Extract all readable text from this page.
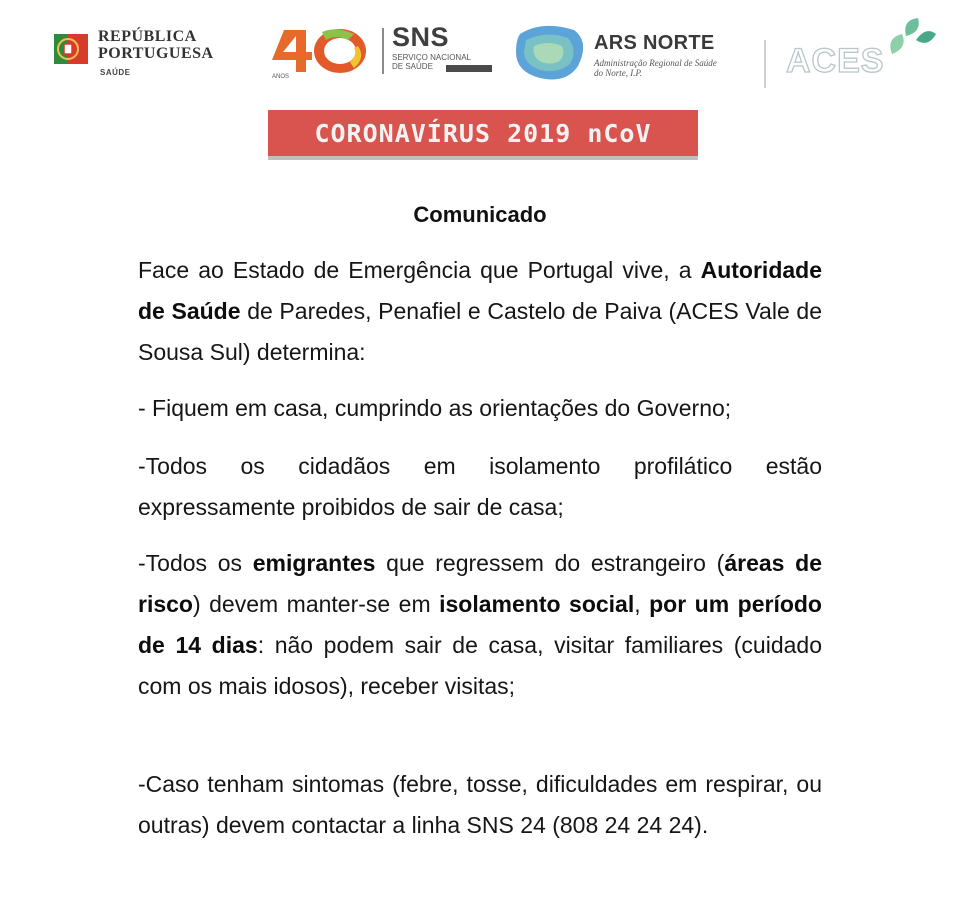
REPÚBLICA
PORTUGUESA
SAÚDE	ANOS
SNS
SERVIÇO NACIONAL DE SAÚDE
ARS NORTE
Administração Regional de Saúde do Norte, I.P.	ACES
CORONAVÍRUS 2019 nCoV
Comunicado

Face ao Estado de Emergência que Portugal vive, a Autoridade de Saúde de Paredes, Penafiel e Castelo de Paiva (ACES Vale de Sousa Sul) determina:

- Fiquem em casa, cumprindo as orientações do Governo;

-Todos os cidadãos em isolamento profilático estão expressamente proibidos de sair de casa;

-Todos os emigrantes que regressem do estrangeiro (áreas de risco) devem manter-se em isolamento social, por um período de 14 dias: não podem sair de casa, visitar familiares (cuidado com os mais idosos), receber visitas;

-Caso tenham sintomas (febre, tosse, dificuldades em respirar, ou outras) devem contactar a linha SNS 24 (808 24 24 24).
